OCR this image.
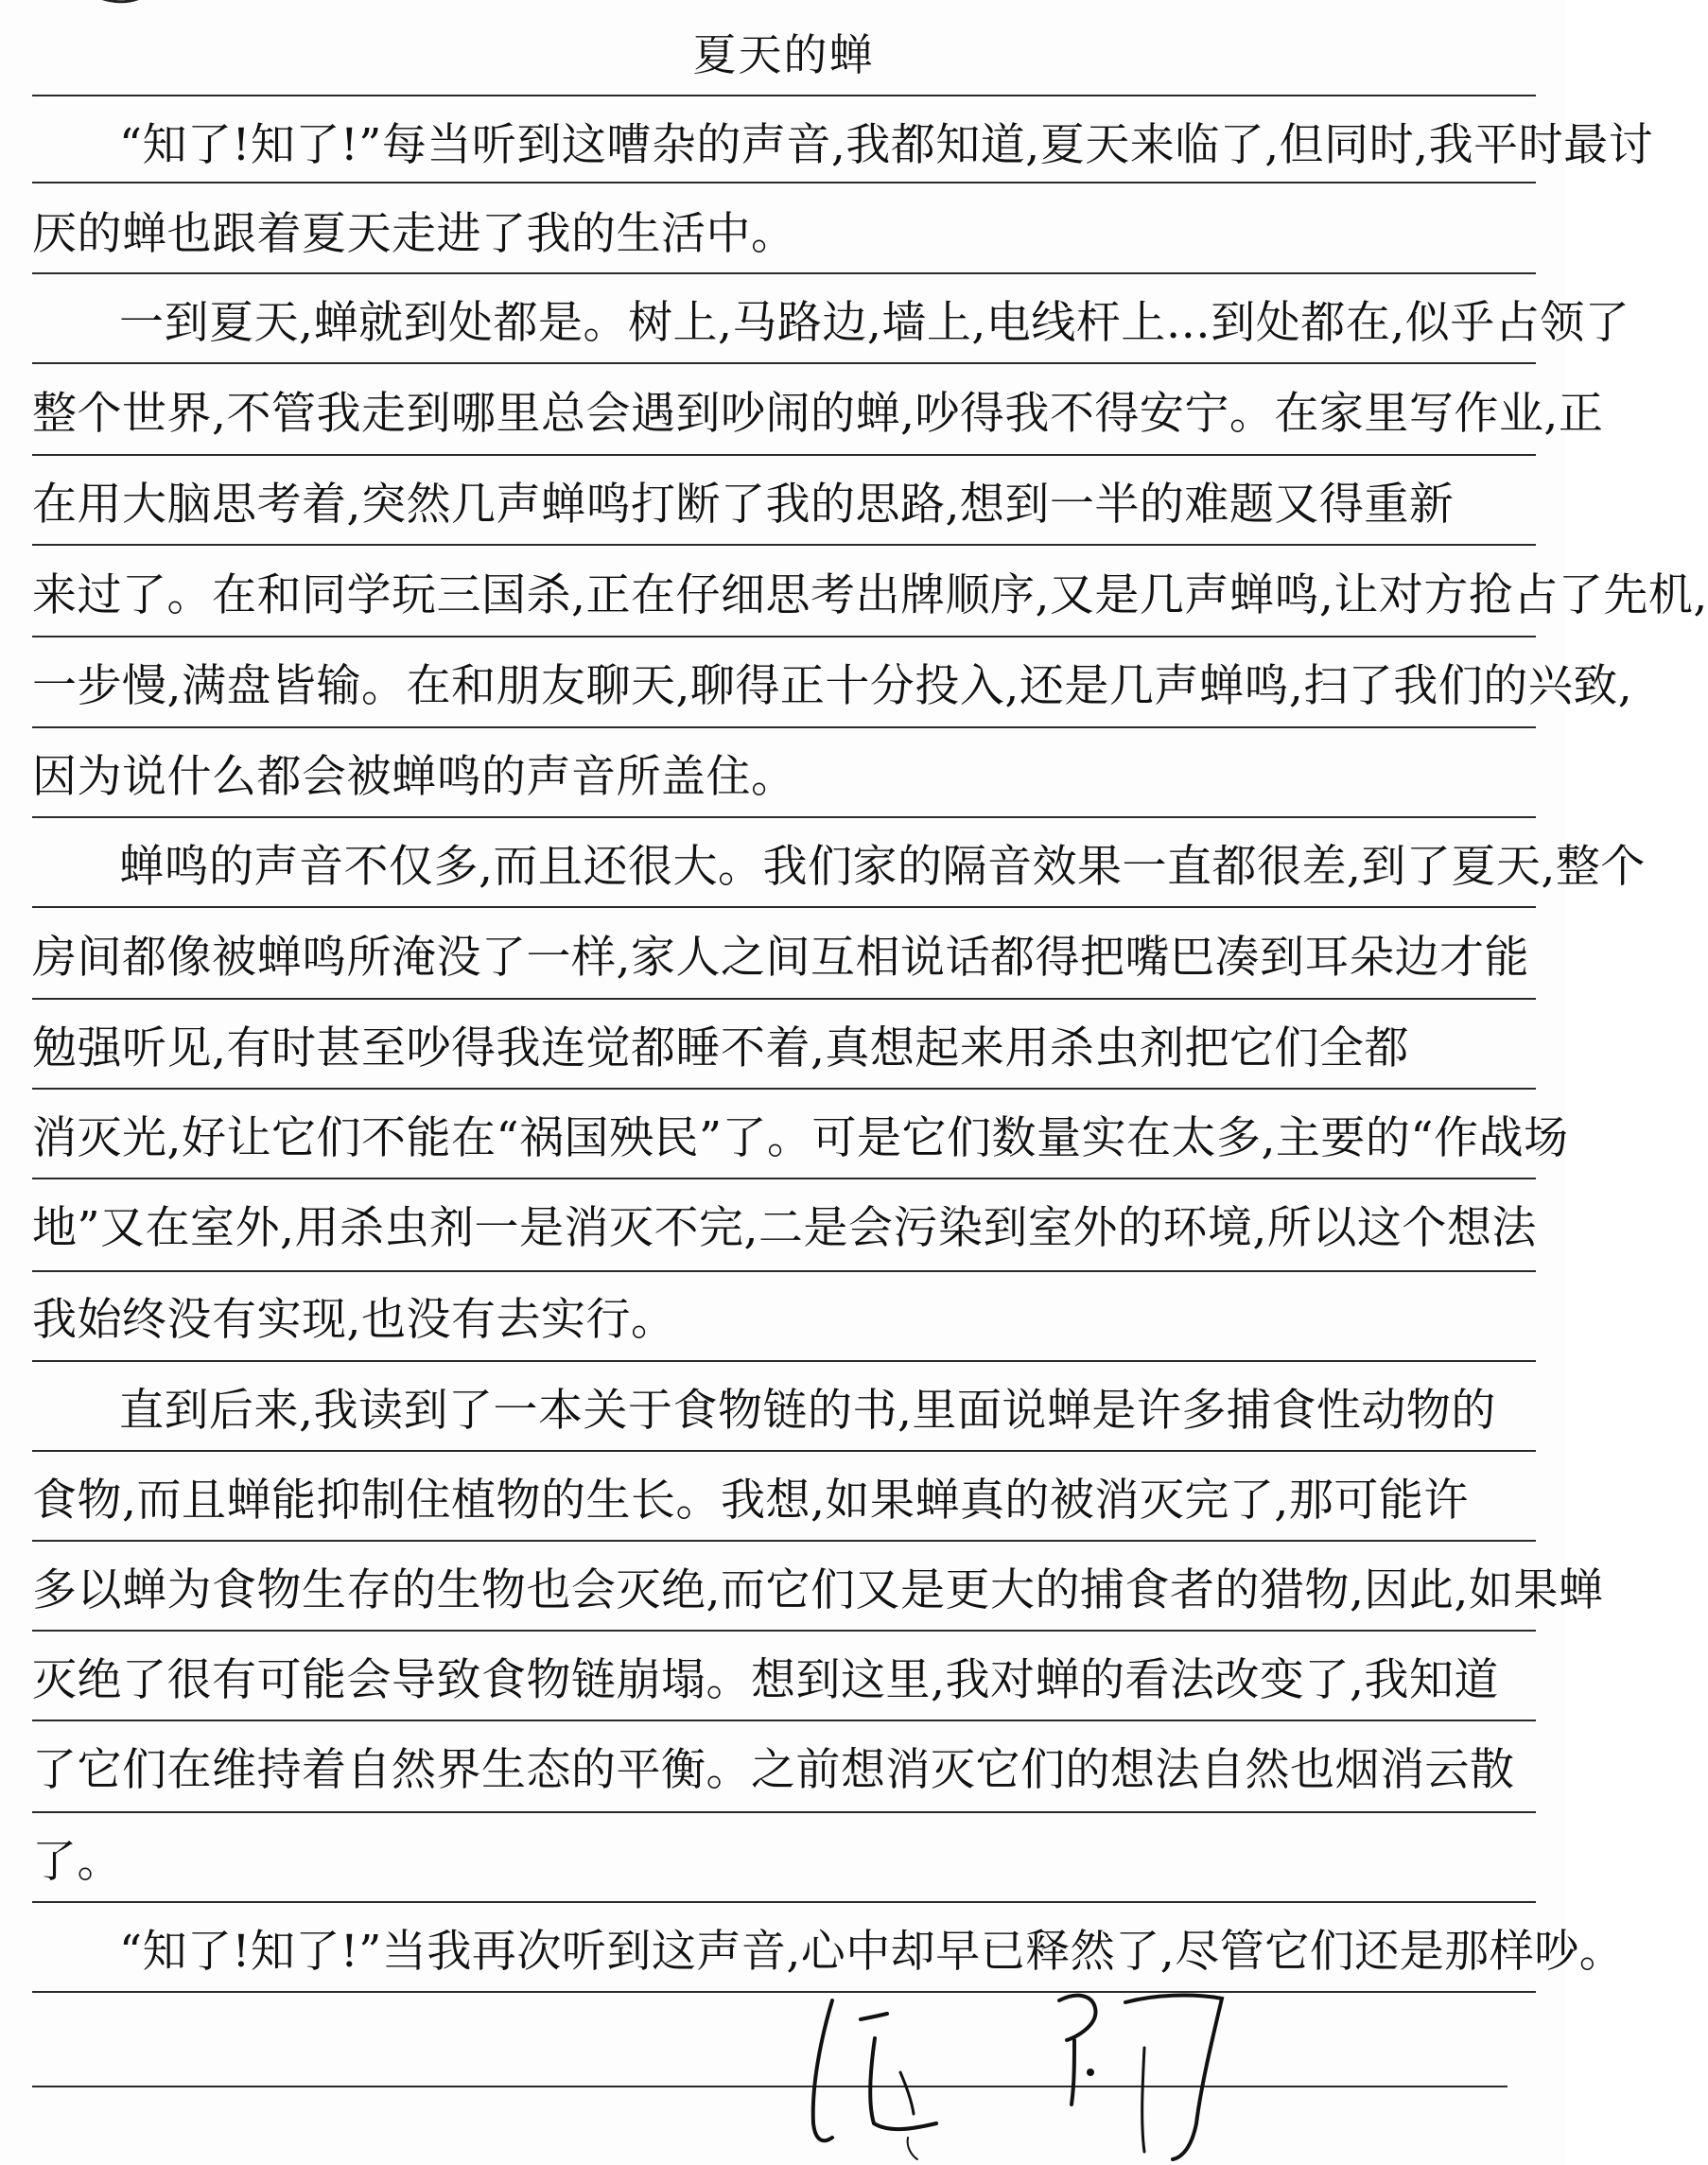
夏天的蝉
“知了!知了!”每当听到这嘈杂的声音,我都知道,夏天来临了,但同时,我平时最讨
厌的蝉也跟着夏天走进了我的生活中。
一到夏天,蝉就到处都是。树上,马路边,墙上,电线杆上…到处都在,似乎占领了
整个世界,不管我走到哪里总会遇到吵闹的蝉,吵得我不得安宁。在家里写作业,正
在用大脑思考着,突然几声蝉鸣打断了我的思路,想到一半的难题又得重新
来过了。在和同学玩三国杀,正在仔细思考出牌顺序,又是几声蝉鸣,让对方抢占了先机,
一步慢,满盘皆输。在和朋友聊天,聊得正十分投入,还是几声蝉鸣,扫了我们的兴致,
因为说什么都会被蝉鸣的声音所盖住。
蝉鸣的声音不仅多,而且还很大。我们家的隔音效果一直都很差,到了夏天,整个
房间都像被蝉鸣所淹没了一样,家人之间互相说话都得把嘴巴凑到耳朵边才能
勉强听见,有时甚至吵得我连觉都睡不着,真想起来用杀虫剂把它们全都
消灭光,好让它们不能在“祸国殃民”了。可是它们数量实在太多,主要的“作战场
地”又在室外,用杀虫剂一是消灭不完,二是会污染到室外的环境,所以这个想法
我始终没有实现,也没有去实行。
直到后来,我读到了一本关于食物链的书,里面说蝉是许多捕食性动物的
食物,而且蝉能抑制住植物的生长。我想,如果蝉真的被消灭完了,那可能许
多以蝉为食物生存的生物也会灭绝,而它们又是更大的捕食者的猎物,因此,如果蝉
灭绝了很有可能会导致食物链崩塌。想到这里,我对蝉的看法改变了,我知道
了它们在维持着自然界生态的平衡。之前想消灭它们的想法自然也烟消云散
了。
“知了!知了!”当我再次听到这声音,心中却早已释然了,尽管它们还是那样吵。
